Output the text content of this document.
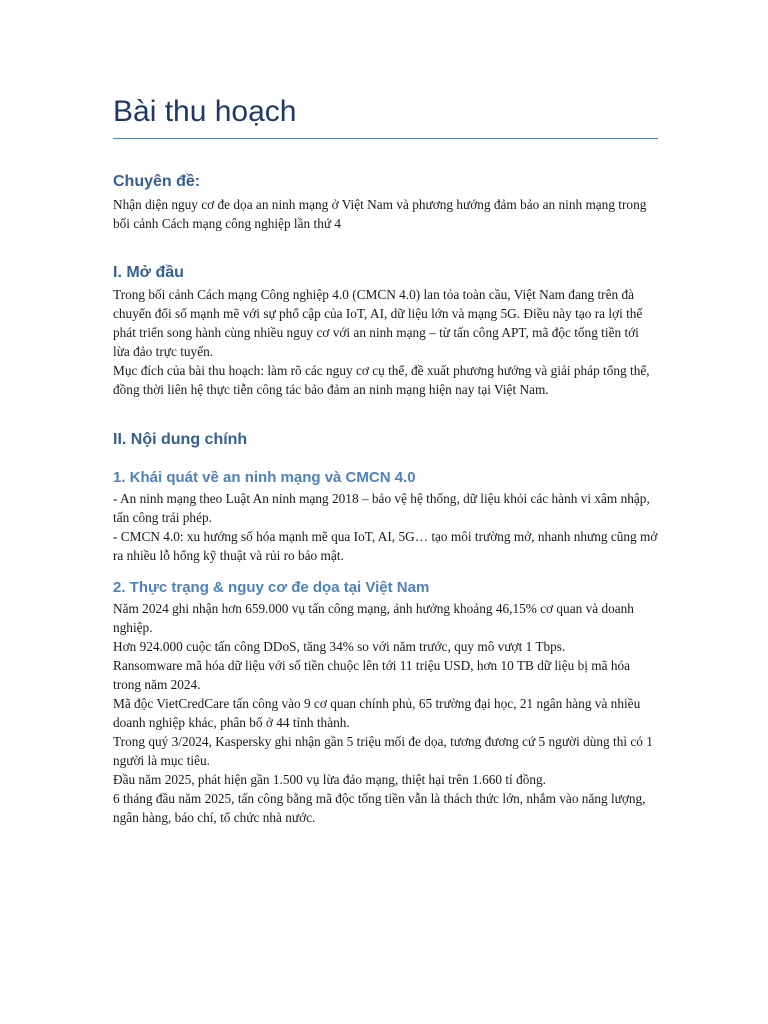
Bài thu hoạch
Chuyên đề:

Nhận diện nguy cơ đe dọa an ninh mạng ở Việt Nam và phương hướng đảm bảo an ninh mạng trong bối cảnh Cách mạng công nghiệp lần thứ 4

I. Mở đầu

Trong bối cảnh Cách mạng Công nghiệp 4.0 (CMCN 4.0) lan tỏa toàn cầu, Việt Nam đang trên đà chuyển đổi số mạnh mẽ với sự phổ cập của IoT, AI, dữ liệu lớn và mạng 5G. Điều này tạo ra lợi thế phát triển song hành cùng nhiều nguy cơ với an ninh mạng – từ tấn công APT, mã độc tống tiền tới lừa đảo trực tuyến.

Mục đích của bài thu hoạch: làm rõ các nguy cơ cụ thể, đề xuất phương hướng và giải pháp tổng thể, đồng thời liên hệ thực tiễn công tác bảo đảm an ninh mạng hiện nay tại Việt Nam.

II. Nội dung chính
1. Khái quát về an ninh mạng và CMCN 4.0

- An ninh mạng theo Luật An ninh mạng 2018 – bảo vệ hệ thống, dữ liệu khỏi các hành vi xâm nhập, tấn công trái phép.

- CMCN 4.0: xu hướng số hóa mạnh mẽ qua IoT, AI, 5G… tạo môi trường mở, nhanh nhưng cũng mở ra nhiều lỗ hổng kỹ thuật và rủi ro bảo mật.

2. Thực trạng & nguy cơ đe dọa tại Việt Nam

Năm 2024 ghi nhận hơn 659.000 vụ tấn công mạng, ảnh hưởng khoảng 46,15% cơ quan và doanh nghiệp.

Hơn 924.000 cuộc tấn công DDoS, tăng 34% so với năm trước, quy mô vượt 1 Tbps.

Ransomware mã hóa dữ liệu với số tiền chuộc lên tới 11 triệu USD, hơn 10 TB dữ liệu bị mã hóa trong năm 2024.

Mã độc VietCredCare tấn công vào 9 cơ quan chính phủ, 65 trường đại học, 21 ngân hàng và nhiều doanh nghiệp khác, phân bố ở 44 tỉnh thành.

Trong quý 3/2024, Kaspersky ghi nhận gần 5 triệu mối đe dọa, tương đương cứ 5 người dùng thì có 1 người là mục tiêu.

Đầu năm 2025, phát hiện gần 1.500 vụ lừa đảo mạng, thiệt hại trên 1.660 tỉ đồng.

6 tháng đầu năm 2025, tấn công bằng mã độc tống tiền vẫn là thách thức lớn, nhắm vào năng lượng, ngân hàng, báo chí, tổ chức nhà nước.
